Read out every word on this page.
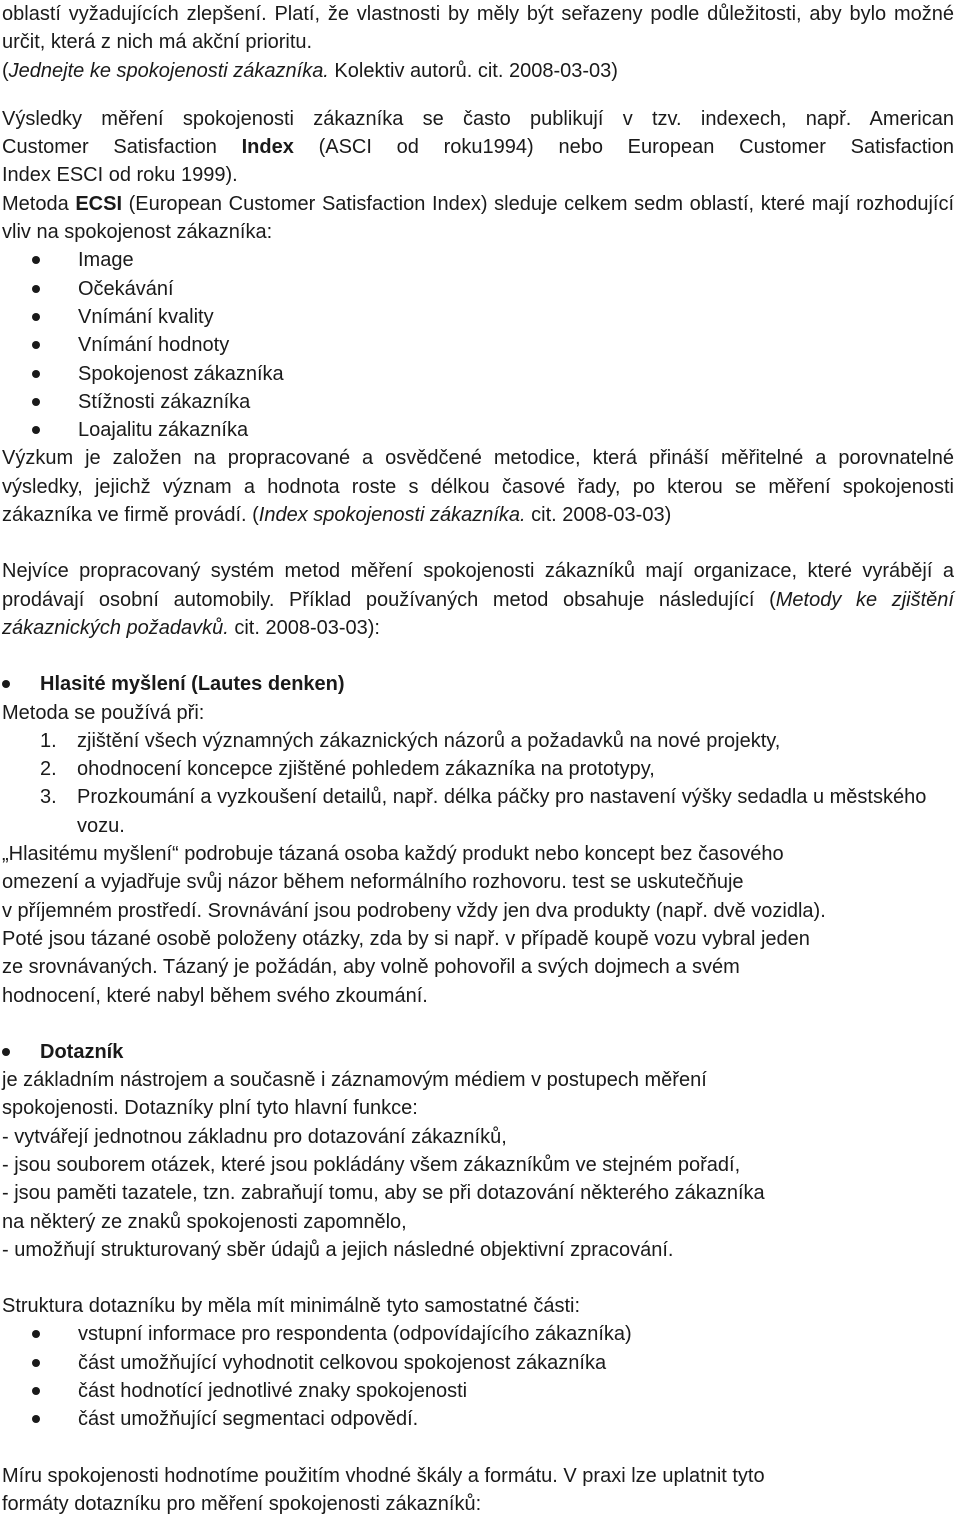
oblastí vyžadujících zlepšení. Platí, že vlastnosti by měly být seřazeny podle důležitosti, aby bylo možné určit, která z nich má akční prioritu.
(Jednejte ke spokojenosti zákazníka. Kolektiv autorů. cit. 2008-03-03)

Výsledky měření spokojenosti zákazníka se často publikují v tzv. indexech, např. American
Customer Satisfaction Index (ASCI od roku1994) nebo European Customer Satisfaction
Index ESCI od roku 1999).

Metoda ECSI (European Customer Satisfaction Index) sleduje celkem sedm oblastí, které mají rozhodující vliv na spokojenost zákazníka:

Image
Očekávání
Vnímání kvality
Vnímání hodnoty
Spokojenost zákazníka
Stížnosti zákazníka
Loajalitu zákazníka

Výzkum je založen na propracované a osvědčené metodice, která přináší měřitelné a porovnatelné výsledky, jejichž význam a hodnota roste s délkou časové řady, po kterou se měření spokojenosti zákazníka ve firmě provádí. (Index spokojenosti zákazníka. cit. 2008-03-03)

Nejvíce propracovaný systém metod měření spokojenosti zákazníků mají organizace, které vyrábějí a prodávají osobní automobily. Příklad používaných metod obsahuje následující (Metody ke zjištění zákaznických požadavků. cit. 2008-03-03):

Hlasité myšlení (Lautes denken)

Metoda se používá při:

1. zjištění všech významných zákaznických názorů a požadavků na nové projekty,
2. ohodnocení koncepce zjištěné pohledem zákazníka na prototypy,
3. Prozkoumání a vyzkoušení detailů, např. délka páčky pro nastavení výšky sedadla u městského vozu.

„Hlasitému myšlení“ podrobuje tázaná osoba každý produkt nebo koncept bez časového

omezení a vyjadřuje svůj názor během neformálního rozhovoru. test se uskutečňuje

v příjemném prostředí. Srovnávání jsou podrobeny vždy jen dva produkty (např. dvě vozidla).

Poté jsou tázané osobě položeny otázky, zda by si např. v případě koupě vozu vybral jeden

ze srovnávaných. Tázaný je požádán, aby volně pohovořil a svých dojmech a svém

hodnocení, které nabyl během svého zkoumání.

Dotazník

je základním nástrojem a současně i záznamovým médiem v postupech měření

spokojenosti. Dotazníky plní tyto hlavní funkce:

- vytvářejí jednotnou základnu pro dotazování zákazníků,

- jsou souborem otázek, které jsou pokládány všem zákazníkům ve stejném pořadí,

- jsou paměti tazatele, tzn. zabraňují tomu, aby se při dotazování některého zákazníka

na některý ze znaků spokojenosti zapomnělo,

- umožňují strukturovaný sběr údajů a jejich následné objektivní zpracování.

Struktura dotazníku by měla mít minimálně tyto samostatné části:

vstupní informace pro respondenta (odpovídajícího zákazníka)
část umožňující vyhodnotit celkovou spokojenost zákazníka
část hodnotící jednotlivé znaky spokojenosti
část umožňující segmentaci odpovědí.

Míru spokojenosti hodnotíme použitím vhodné škály a formátu. V praxi lze uplatnit tyto

formáty dotazníku pro měření spokojenosti zákazníků:
